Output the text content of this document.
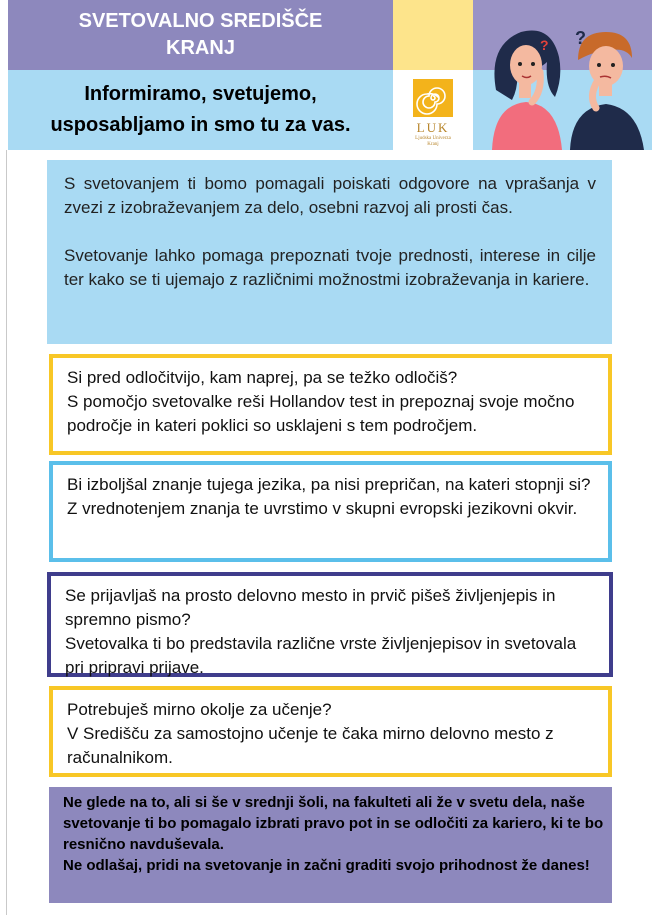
SVETOVALNO SREDIŠČE
KRANJ
Informiramo, svetujemo,
usposabljamo in smo tu za vas.	LUK
Ljudska Univerza
Kranj
? ?

S svetovanjem ti bomo pomagali poiskati odgovore na vprašanja v zvezi z izobraževanjem za delo, osebni razvoj ali prosti čas.

Svetovanje lahko pomaga prepoznati tvoje prednosti, interese in cilje ter kako se ti ujemajo z različnimi možnostmi izobraževanja in kariere.

Si pred odločitvijo, kam naprej, pa se težko odločiš?
S pomočjo svetovalke reši Hollandov test in prepoznaj svoje močno področje in kateri poklici so usklajeni s tem področjem.
Bi izboljšal znanje tujega jezika, pa nisi prepričan, na kateri stopnji si?
Z vrednotenjem znanja te uvrstimo v skupni evropski jezikovni okvir.
Se prijavljaš na prosto delovno mesto in prvič pišeš življenjepis in spremno pismo?
Svetovalka ti bo predstavila različne vrste življenjepisov in svetovala pri pripravi prijave.
Potrebuješ mirno okolje za učenje?
V Središču za samostojno učenje te čaka mirno delovno mesto z računalnikom.
Ne glede na to, ali si še v srednji šoli, na fakulteti ali že v svetu dela, naše svetovanje ti bo pomagalo izbrati pravo pot in se odločiti za kariero, ki te bo resnično navduševala.
Ne odlašaj, pridi na svetovanje in začni graditi svojo prihodnost že danes!
